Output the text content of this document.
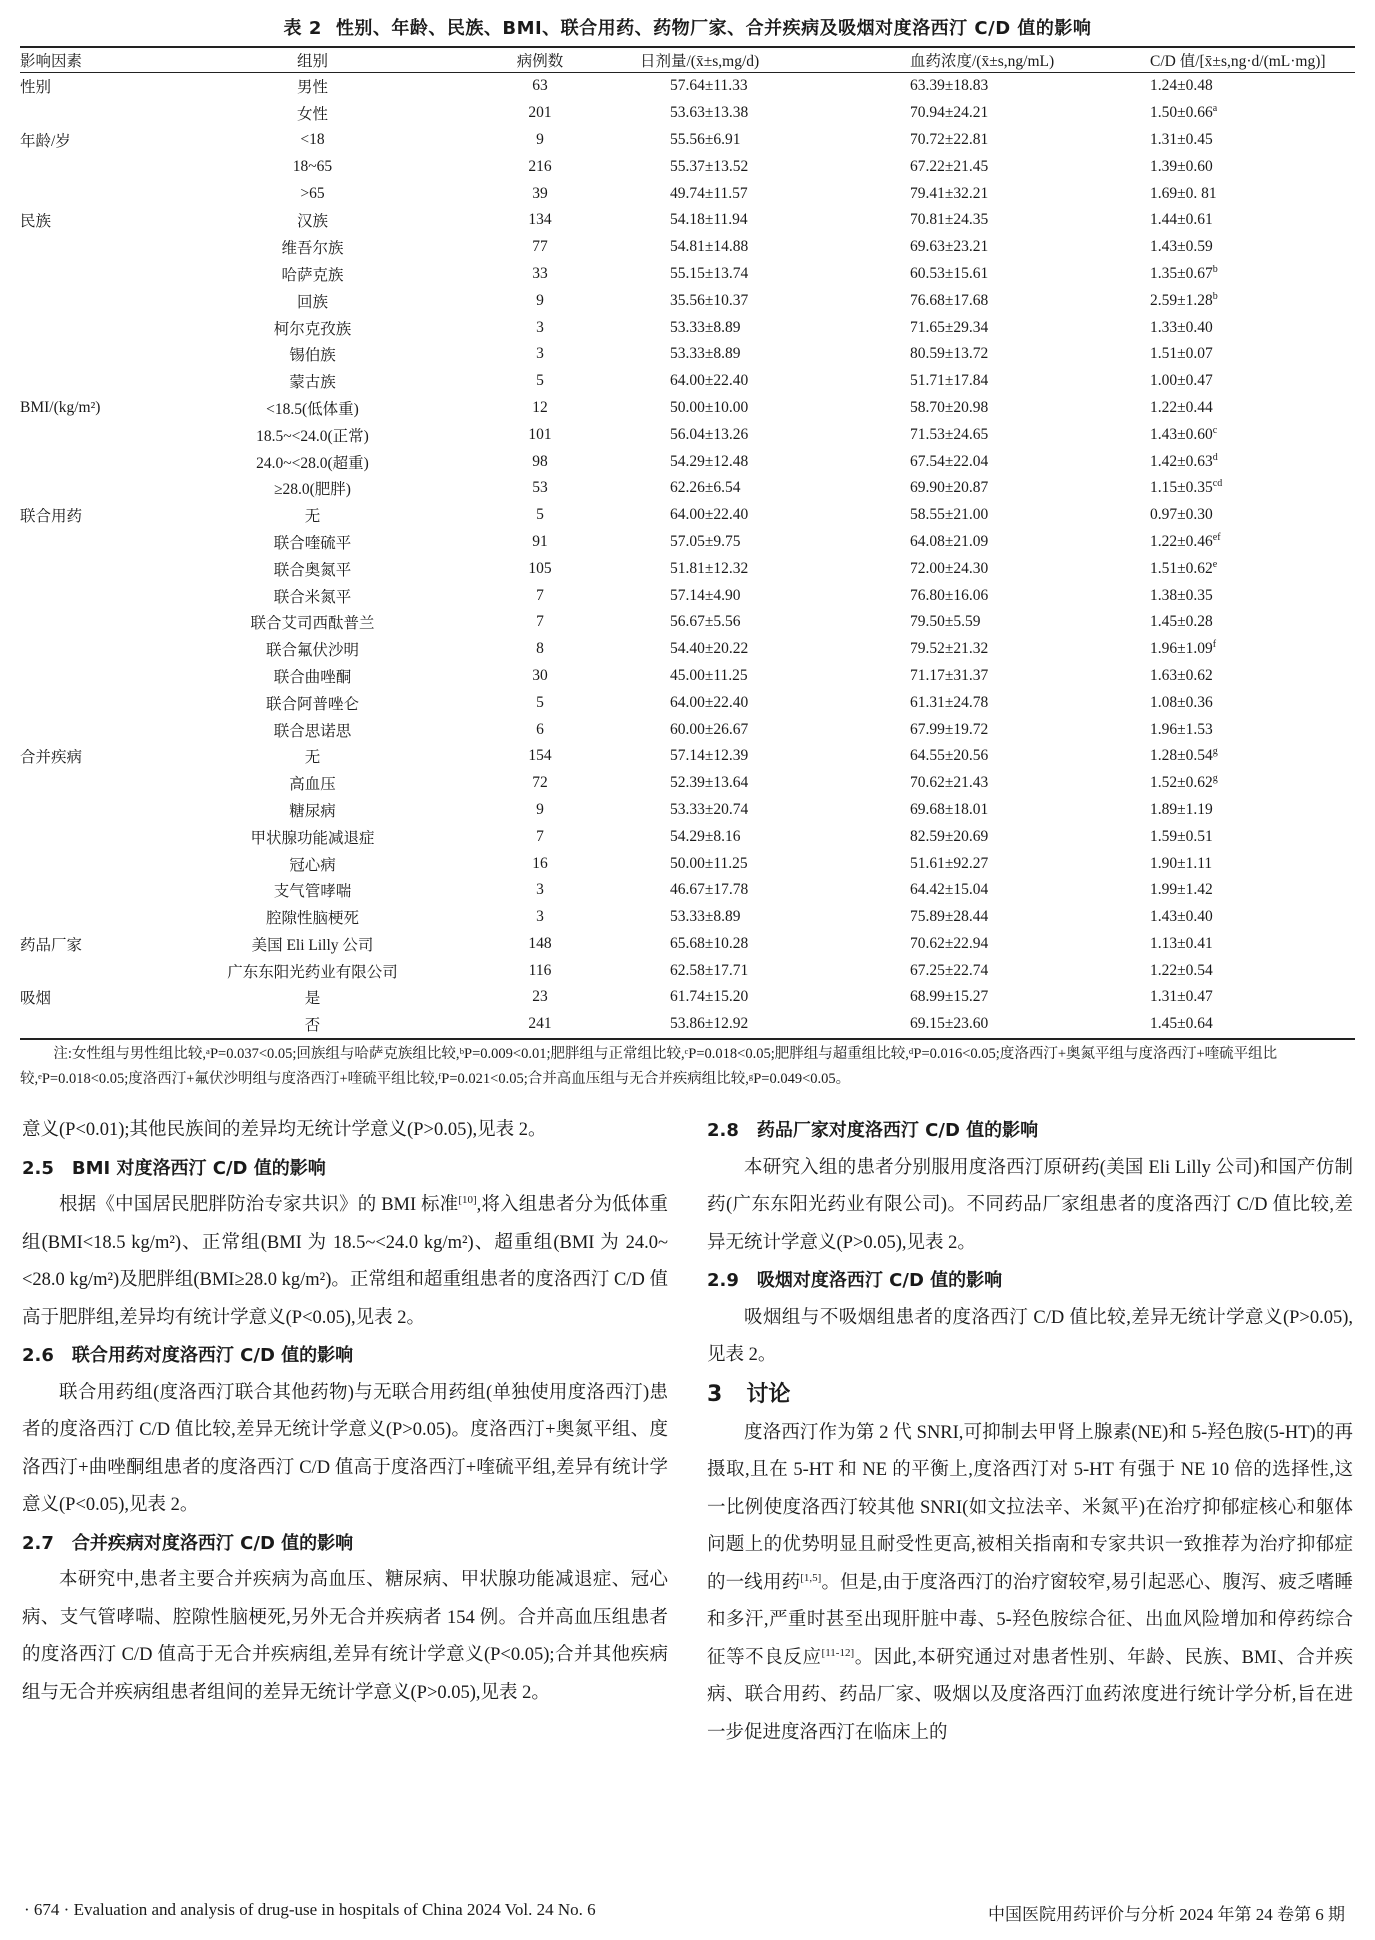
表 2 性别、年龄、民族、BMI、联合用药、药物厂家、合并疾病及吸烟对度洛西汀 C/D 值的影响
影响因素	组别	病例数	日剂量/(x̄±s,mg/d)	血药浓度/(x̄±s,ng/mL)	C/D 值/[x̄±s,ng·d/(mL·mg)]
性别	男性	63	57.64±11.33	63.39±18.83	1.24±0.48
	女性	201	53.63±13.38	70.94±24.21	1.50±0.66$^a$
年龄/岁	<18	9	55.56±6.91	70.72±22.81	1.31±0.45
	18~65	216	55.37±13.52	67.22±21.45	1.39±0.60
	>65	39	49.74±11.57	79.41±32.21	1.69±0. 81
民族	汉族	134	54.18±11.94	70.81±24.35	1.44±0.61
	维吾尔族	77	54.81±14.88	69.63±23.21	1.43±0.59
	哈萨克族	33	55.15±13.74	60.53±15.61	1.35±0.67$^b$
	回族	9	35.56±10.37	76.68±17.68	2.59±1.28$^b$
	柯尔克孜族	3	53.33±8.89	71.65±29.34	1.33±0.40
	锡伯族	3	53.33±8.89	80.59±13.72	1.51±0.07
	蒙古族	5	64.00±22.40	51.71±17.84	1.00±0.47
BMI/(kg/m²)	<18.5(低体重)	12	50.00±10.00	58.70±20.98	1.22±0.44
	18.5~<24.0(正常)	101	56.04±13.26	71.53±24.65	1.43±0.60$^c$
	24.0~<28.0(超重)	98	54.29±12.48	67.54±22.04	1.42±0.63$^d$
	≥28.0(肥胖)	53	62.26±6.54	69.90±20.87	1.15±0.35$^{cd}$
联合用药	无	5	64.00±22.40	58.55±21.00	0.97±0.30
	联合喹硫平	91	57.05±9.75	64.08±21.09	1.22±0.46$^{ef}$
	联合奥氮平	105	51.81±12.32	72.00±24.30	1.51±0.62$^e$
	联合米氮平	7	57.14±4.90	76.80±16.06	1.38±0.35
	联合艾司西酞普兰	7	56.67±5.56	79.50±5.59	1.45±0.28
	联合氟伏沙明	8	54.40±20.22	79.52±21.32	1.96±1.09$^f$
	联合曲唑酮	30	45.00±11.25	71.17±31.37	1.63±0.62
	联合阿普唑仑	5	64.00±22.40	61.31±24.78	1.08±0.36
	联合思诺思	6	60.00±26.67	67.99±19.72	1.96±1.53
合并疾病	无	154	57.14±12.39	64.55±20.56	1.28±0.54$^g$
	高血压	72	52.39±13.64	70.62±21.43	1.52±0.62$^g$
	糖尿病	9	53.33±20.74	69.68±18.01	1.89±1.19
	甲状腺功能减退症	7	54.29±8.16	82.59±20.69	1.59±0.51
	冠心病	16	50.00±11.25	51.61±92.27	1.90±1.11
	支气管哮喘	3	46.67±17.78	64.42±15.04	1.99±1.42
	腔隙性脑梗死	3	53.33±8.89	75.89±28.44	1.43±0.40
药品厂家	美国 Eli Lilly 公司	148	65.68±10.28	70.62±22.94	1.13±0.41
	广东东阳光药业有限公司	116	62.58±17.71	67.25±22.74	1.22±0.54
吸烟	是	23	61.74±15.20	68.99±15.27	1.31±0.47
	否	241	53.86±12.92	69.15±23.60	1.45±0.64
注:女性组与男性组比较,ᵃP=0.037<0.05;回族组与哈萨克族组比较,ᵇP=0.009<0.01;肥胖组与正常组比较,ᶜP=0.018<0.05;肥胖组与超重组比较,ᵈP=0.016<0.05;度洛西汀+奥氮平组与度洛西汀+喹硫平组比较,ᵉP=0.018<0.05;度洛西汀+氟伏沙明组与度洛西汀+喹硫平组比较,ᶠP=0.021<0.05;合并高血压组与无合并疾病组比较,ᵍP=0.049<0.05。

意义(P<0.01);其他民族间的差异均无统计学意义(P>0.05),见表 2。

2.5 BMI 对度洛西汀 C/D 值的影响

根据《中国居民肥胖防治专家共识》的 BMI 标准[10],将入组患者分为低体重组(BMI<18.5 kg/m²)、正常组(BMI 为 18.5~<24.0 kg/m²)、超重组(BMI 为 24.0~<28.0 kg/m²)及肥胖组(BMI≥28.0 kg/m²)。正常组和超重组患者的度洛西汀 C/D 值高于肥胖组,差异均有统计学意义(P<0.05),见表 2。

2.6 联合用药对度洛西汀 C/D 值的影响

联合用药组(度洛西汀联合其他药物)与无联合用药组(单独使用度洛西汀)患者的度洛西汀 C/D 值比较,差异无统计学意义(P>0.05)。度洛西汀+奥氮平组、度洛西汀+曲唑酮组患者的度洛西汀 C/D 值高于度洛西汀+喹硫平组,差异有统计学意义(P<0.05),见表 2。

2.7 合并疾病对度洛西汀 C/D 值的影响

本研究中,患者主要合并疾病为高血压、糖尿病、甲状腺功能减退症、冠心病、支气管哮喘、腔隙性脑梗死,另外无合并疾病者 154 例。合并高血压组患者的度洛西汀 C/D 值高于无合并疾病组,差异有统计学意义(P<0.05);合并其他疾病组与无合并疾病组患者组间的差异无统计学意义(P>0.05),见表 2。

2.8 药品厂家对度洛西汀 C/D 值的影响

本研究入组的患者分别服用度洛西汀原研药(美国 Eli Lilly 公司)和国产仿制药(广东东阳光药业有限公司)。不同药品厂家组患者的度洛西汀 C/D 值比较,差异无统计学意义(P>0.05),见表 2。

2.9 吸烟对度洛西汀 C/D 值的影响

吸烟组与不吸烟组患者的度洛西汀 C/D 值比较,差异无统计学意义(P>0.05),见表 2。

3 讨论

度洛西汀作为第 2 代 SNRI,可抑制去甲肾上腺素(NE)和 5-羟色胺(5-HT)的再摄取,且在 5-HT 和 NE 的平衡上,度洛西汀对 5-HT 有强于 NE 10 倍的选择性,这一比例使度洛西汀较其他 SNRI(如文拉法辛、米氮平)在治疗抑郁症核心和躯体问题上的优势明显且耐受性更高,被相关指南和专家共识一致推荐为治疗抑郁症的一线用药[1,5]。但是,由于度洛西汀的治疗窗较窄,易引起恶心、腹泻、疲乏嗜睡和多汗,严重时甚至出现肝脏中毒、5-羟色胺综合征、出血风险增加和停药综合征等不良反应[11-12]。因此,本研究通过对患者性别、年龄、民族、BMI、合并疾病、联合用药、药品厂家、吸烟以及度洛西汀血药浓度进行统计学分析,旨在进一步促进度洛西汀在临床上的

· 674 · Evaluation and analysis of drug-use in hospitals of China 2024 Vol. 24 No. 6	中国医院用药评价与分析 2024 年第 24 卷第 6 期
